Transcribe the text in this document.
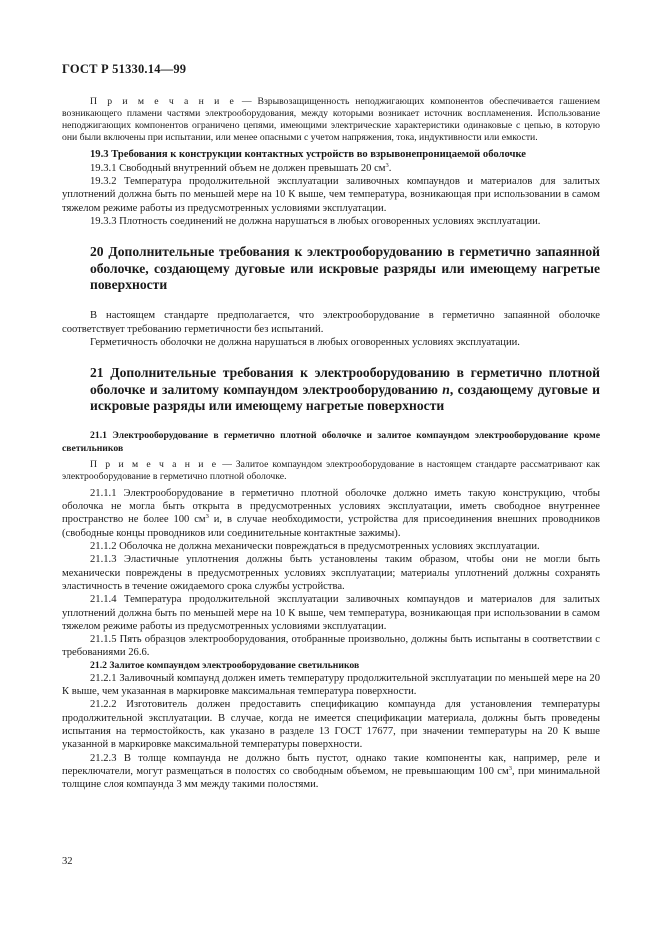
ГОСТ Р 51330.14—99

П р и м е ч а н и е — Взрывозащищенность неподжигающих компонентов обеспечивается гашением возникающего пламени частями электрооборудования, между которыми возникает источник воспламенения. Использование неподжигающих компонентов ограничено цепями, имеющими электрические характеристики одинаковые с цепью, в которую они были включены при испытании, или менее опасными с учетом напряжения, тока, индуктивности или емкости.

19.3 Требования к конструкции контактных устройств во взрывонепроницаемой оболочке

19.3.1 Свободный внутренний объем не должен превышать 20 $см^3$.

19.3.2 Температура продолжительной эксплуатации заливочных компаундов и материалов для залитых уплотнений должна быть по меньшей мере на 10 К выше, чем температура, возникающая при использовании в самом тяжелом режиме работы из предусмотренных условиями эксплуатации.

19.3.3 Плотность соединений не должна нарушаться в любых оговоренных условиях эксплуатации.

20 Дополнительные требования к электрооборудованию в герметично запаянной оболочке, создающему дуговые или искровые разряды или имеющему нагретые поверхности

В настоящем стандарте предполагается, что электрооборудование в герметично запаянной оболочке соответствует требованию герметичности без испытаний.

Герметичность оболочки не должна нарушаться в любых оговоренных условиях эксплуатации.

21 Дополнительные требования к электрооборудованию в герметично плотной оболочке и залитому компаундом электрооборудованию n, создающему дуговые и искровые разряды или имеющему нагретые поверхности

21.1 Электрооборудование в герметично плотной оболочке и залитое компаундом электрооборудование кроме светильников

П р и м е ч а н и е — Залитое компаундом электрооборудование в настоящем стандарте рассматривают как электрооборудование в герметично плотной оболочке.

21.1.1 Электрооборудование в герметично плотной оболочке должно иметь такую конструкцию, чтобы оболочка не могла быть открыта в предусмотренных условиях эксплуатации, иметь свободное внутреннее пространство не более 100 $см^3$ и, в случае необходимости, устройства для присоединения внешних проводников (свободные концы проводников или соединительные контактные зажимы).

21.1.2 Оболочка не должна механически повреждаться в предусмотренных условиях эксплуатации.

21.1.3 Эластичные уплотнения должны быть установлены таким образом, чтобы они не могли быть механически повреждены в предусмотренных условиях эксплуатации; материалы уплотнений должны сохранять эластичность в течение ожидаемого срока службы устройства.

21.1.4 Температура продолжительной эксплуатации заливочных компаундов и материалов для залитых уплотнений должна быть по меньшей мере на 10 К выше, чем температура, возникающая при использовании в самом тяжелом режиме работы из предусмотренных условиями эксплуатации.

21.1.5 Пять образцов электрооборудования, отобранные произвольно, должны быть испытаны в соответствии с требованиями 26.6.

21.2 Залитое компаундом электрооборудование светильников

21.2.1 Заливочный компаунд должен иметь температуру продолжительной эксплуатации по меньшей мере на 20 К выше, чем указанная в маркировке максимальная температура поверхности.

21.2.2 Изготовитель должен предоставить спецификацию компаунда для установления температуры продолжительной эксплуатации. В случае, когда не имеется спецификации материала, должны быть проведены испытания на термостойкость, как указано в разделе 13 ГОСТ 17677, при значении температуры на 20 К выше указанной в маркировке максимальной температуры поверхности.

21.2.3 В толще компаунда не должно быть пустот, однако такие компоненты как, например, реле и переключатели, могут размещаться в полостях со свободным объемом, не превышающим 100 $см^3$, при минимальной толщине слоя компаунда 3 мм между такими полостями.

32
